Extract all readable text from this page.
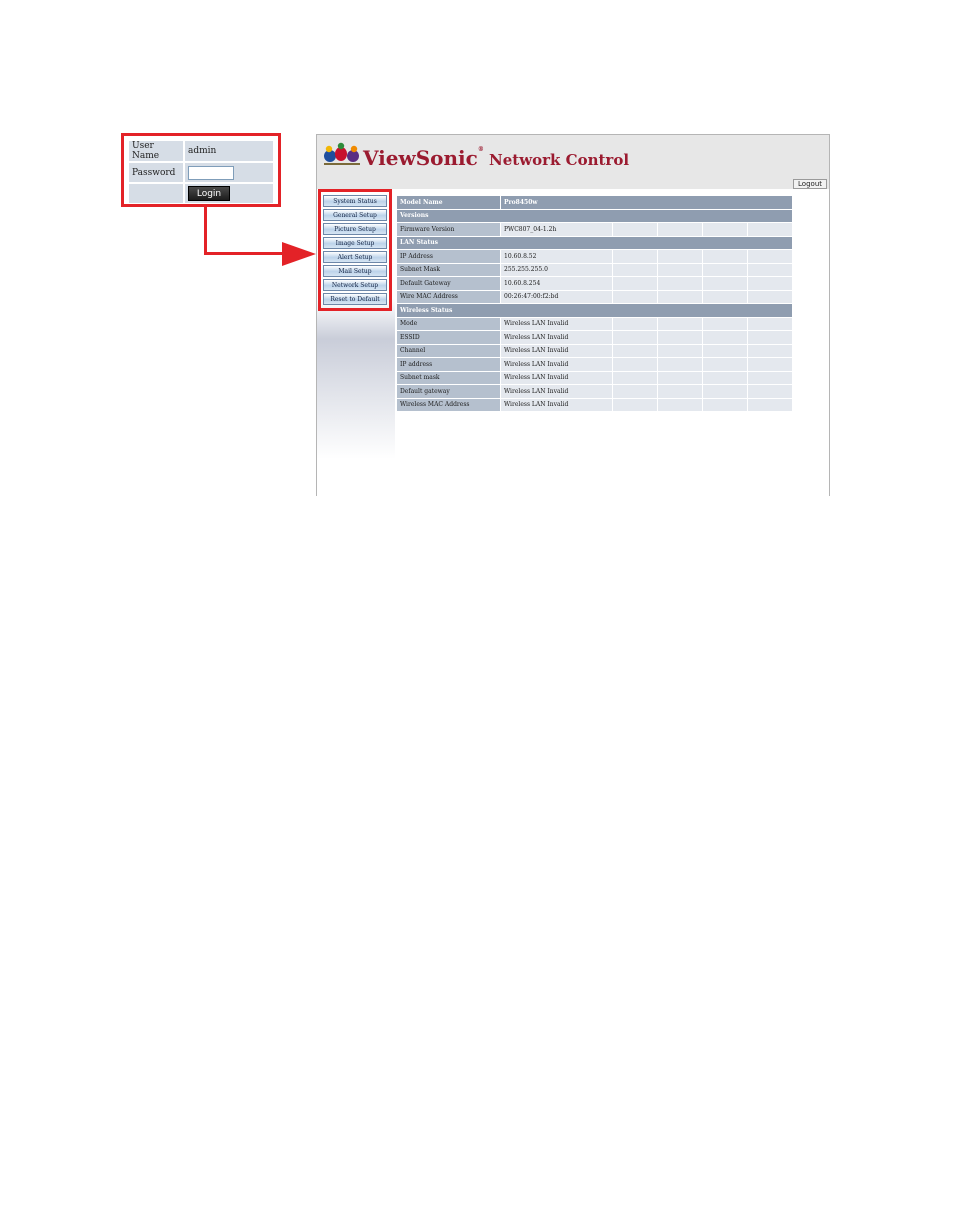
User Name	admin
Password	

	Login
ViewSonic® Network Control
Logout
System Status
General Setup
Picture Setup
Image Setup
Alert Setup
Mail Setup
Network Setup
Reset to Default
Model Name	Pro8450w				
Versions					
Firmware Version	PWC807_04-1.2h				
LAN Status					
IP Address	10.60.8.52				
Subnet Mask	255.255.255.0				
Default Gateway	10.60.8.254				
Wire MAC Address	00:26:47:00:f2:bd				
Wireless Status					
Mode	Wireless LAN Invalid				
ESSID	Wireless LAN Invalid				
Channel	Wireless LAN Invalid				
IP address	Wireless LAN Invalid				
Subnet mask	Wireless LAN Invalid				
Default gateway	Wireless LAN Invalid				
Wireless MAC Address	Wireless LAN Invalid				
